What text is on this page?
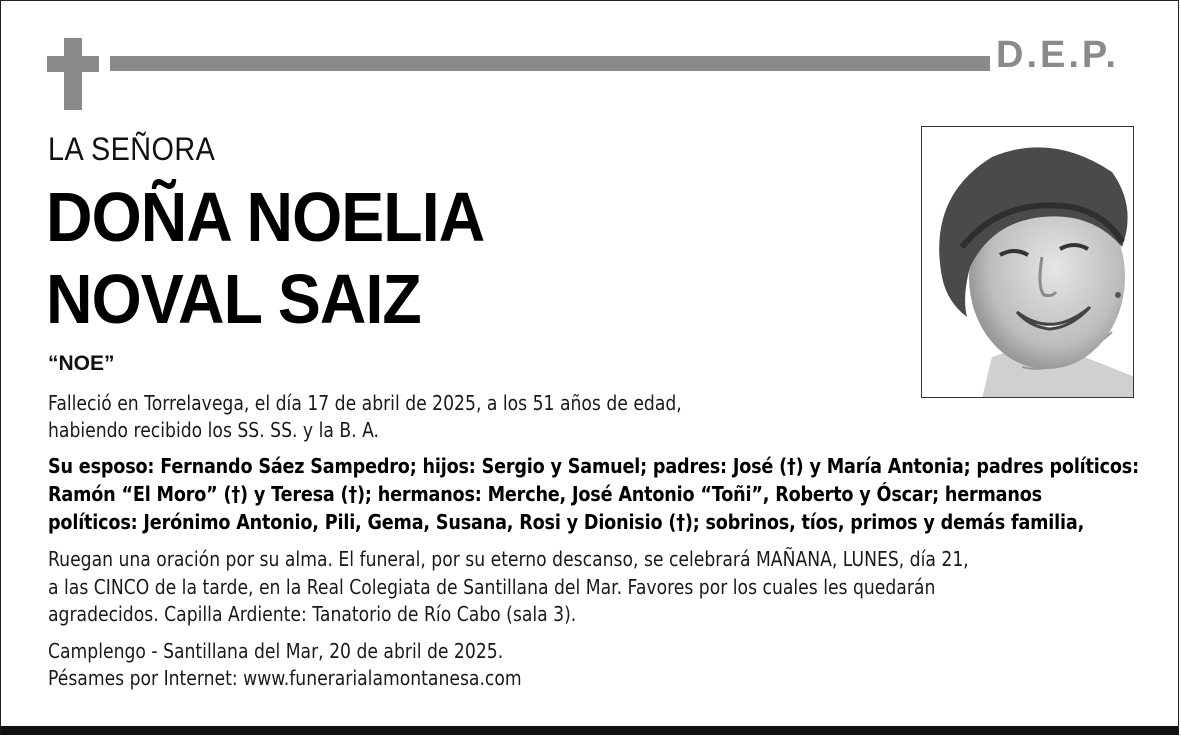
D.E.P.
LA SEÑORA
DOÑA NOELIA
NOVAL SAIZ
“NOE”
Falleció en Torrelavega, el día 17 de abril de 2025, a los 51 años de edad,
habiendo recibido los SS. SS. y la B. A.
Su esposo: Fernando Sáez Sampedro; hijos: Sergio y Samuel; padres: José (†) y María Antonia; padres políticos:
Ramón “El Moro” (†) y Teresa (†); hermanos: Merche, José Antonio “Toñi”, Roberto y Óscar; hermanos
políticos: Jerónimo Antonio, Pili, Gema, Susana, Rosi y Dionisio (†); sobrinos, tíos, primos y demás familia,
Ruegan una oración por su alma. El funeral, por su eterno descanso, se celebrará MAÑANA, LUNES, día 21,
a las CINCO de la tarde, en la Real Colegiata de Santillana del Mar. Favores por los cuales les quedarán
agradecidos. Capilla Ardiente: Tanatorio de Río Cabo (sala 3).
Camplengo - Santillana del Mar, 20 de abril de 2025.
Pésames por Internet: www.funerarialamontanesa.com
